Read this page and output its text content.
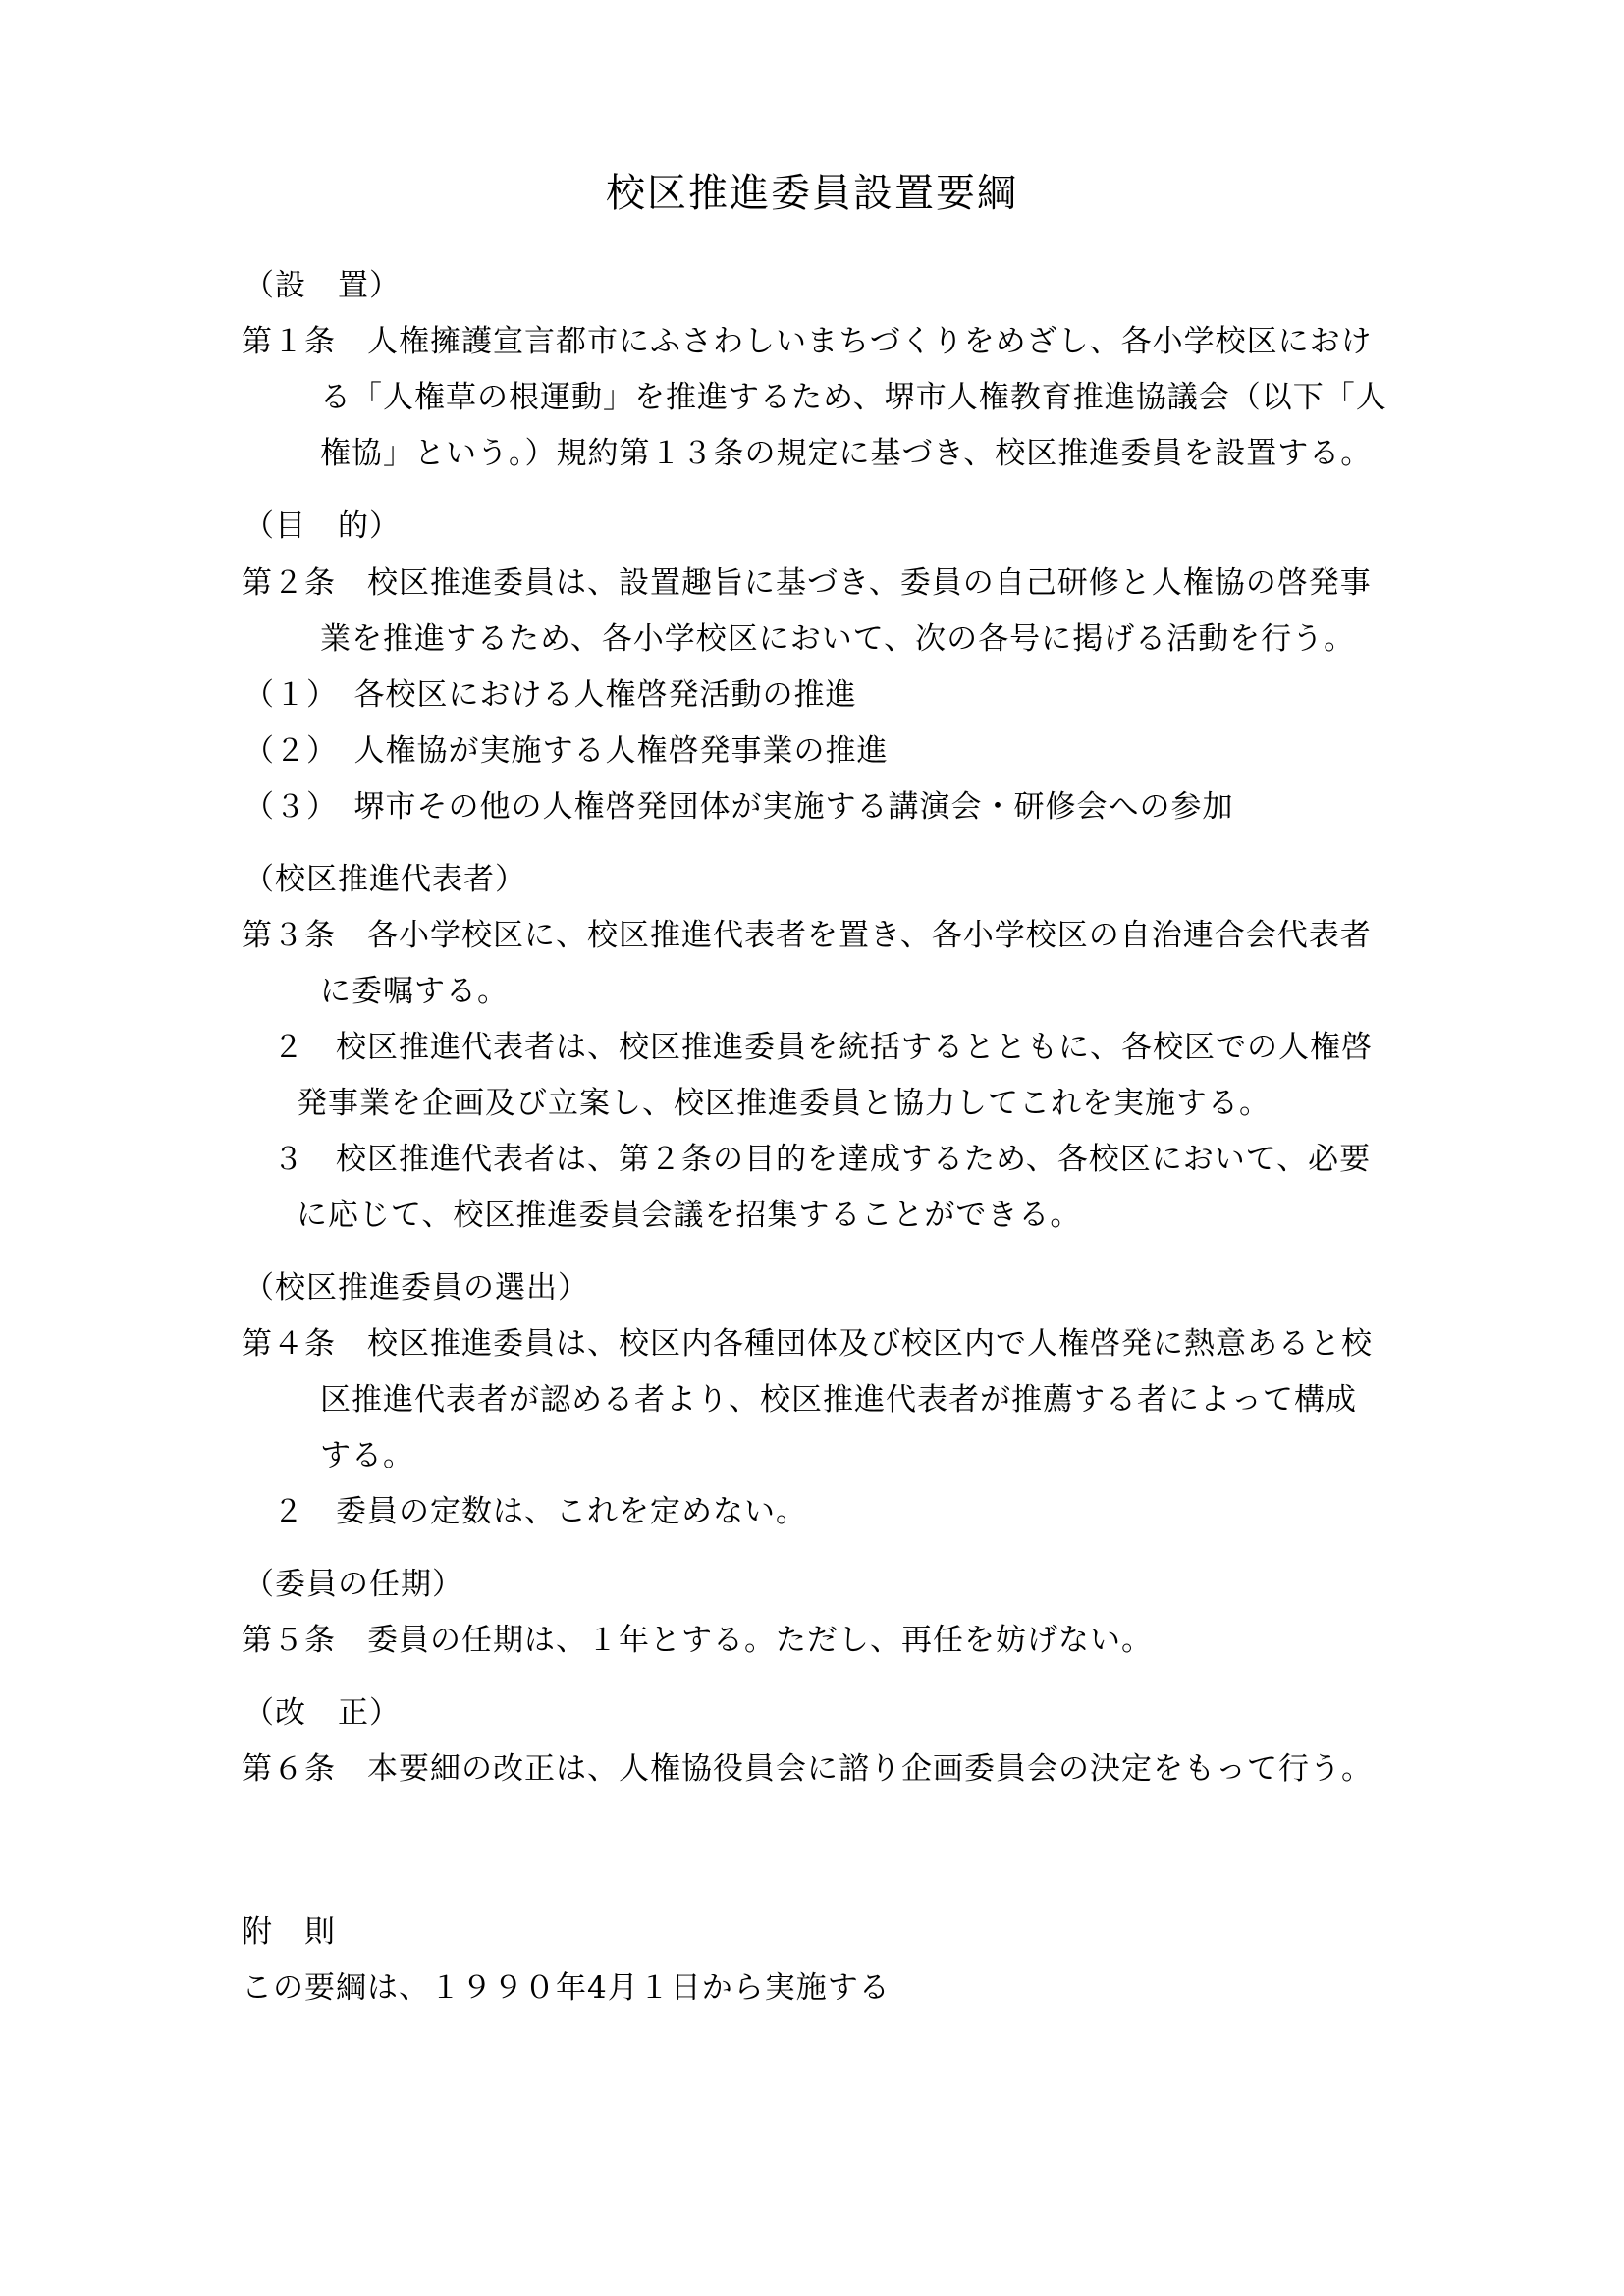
校区推進委員設置要綱
（設　置）
第１条　人権擁護宣言都市にふさわしいまちづくりをめざし、各小学校区におけ
る「人権草の根運動」を推進するため、堺市人権教育推進協議会（以下「人
権協」という。）規約第１３条の規定に基づき、校区推進委員を設置する。
（目　的）
第２条　校区推進委員は、設置趣旨に基づき、委員の自己研修と人権協の啓発事
業を推進するため、各小学校区において、次の各号に掲げる活動を行う。
（１）　各校区における人権啓発活動の推進
（２）　人権協が実施する人権啓発事業の推進
（３）　堺市その他の人権啓発団体が実施する講演会・研修会への参加
（校区推進代表者）
第３条　各小学校区に、校区推進代表者を置き、各小学校区の自治連合会代表者
に委嘱する。
２　校区推進代表者は、校区推進委員を統括するとともに、各校区での人権啓
発事業を企画及び立案し、校区推進委員と協力してこれを実施する。
３　校区推進代表者は、第２条の目的を達成するため、各校区において、必要
に応じて、校区推進委員会議を招集することができる。
（校区推進委員の選出）
第４条　校区推進委員は、校区内各種団体及び校区内で人権啓発に熱意あると校
区推進代表者が認める者より、校区推進代表者が推薦する者によって構成
する。
２　委員の定数は、これを定めない。
（委員の任期）
第５条　委員の任期は、１年とする。ただし、再任を妨げない。
（改　正）
第６条　本要細の改正は、人権協役員会に諮り企画委員会の決定をもって行う。
附　則
この要綱は、１９９０年4月１日から実施する
